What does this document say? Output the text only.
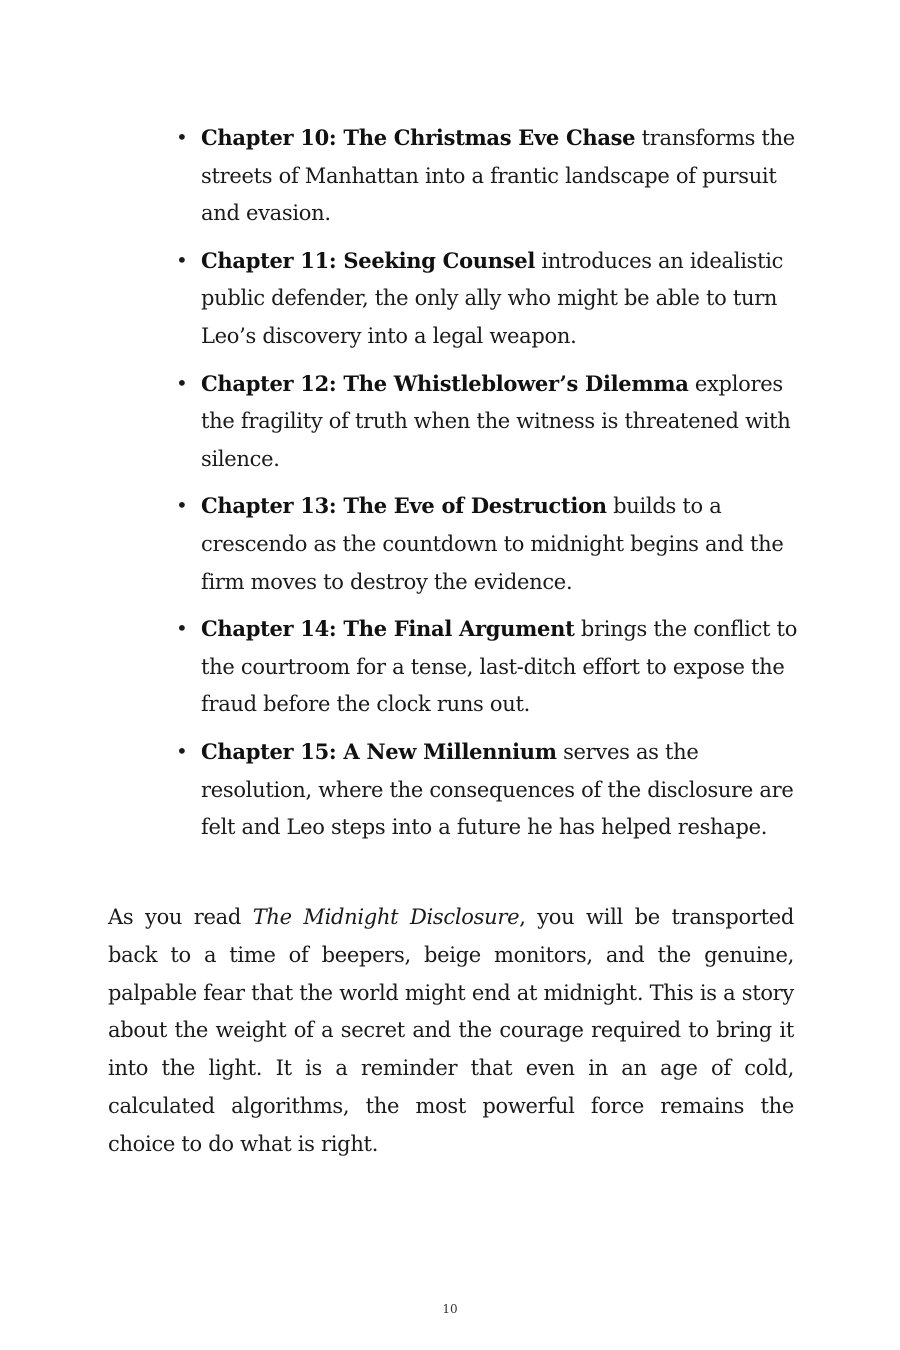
• Chapter 10: The Christmas Eve Chase transforms the streets of Manhattan into a frantic landscape of pursuit and evasion.
• Chapter 11: Seeking Counsel introduces an idealistic public defender, the only ally who might be able to turn Leo’s discovery into a legal weapon.
• Chapter 12: The Whistleblower’s Dilemma explores the fragility of truth when the witness is threatened with silence.
• Chapter 13: The Eve of Destruction builds to a crescendo as the countdown to midnight begins and the firm moves to destroy the evidence.
• Chapter 14: The Final Argument brings the conflict to the courtroom for a tense, last-ditch effort to expose the fraud before the clock runs out.
• Chapter 15: A New Millennium serves as the resolution, where the consequences of the disclosure are felt and Leo steps into a future he has helped reshape.

As you read The Midnight Disclosure, you will be transported back to a time of beepers, beige monitors, and the genuine, palpable fear that the world might end at midnight. This is a story about the weight of a secret and the courage required to bring it into the light. It is a reminder that even in an age of cold, calculated algorithms, the most powerful force remains the choice to do what is right.

10
